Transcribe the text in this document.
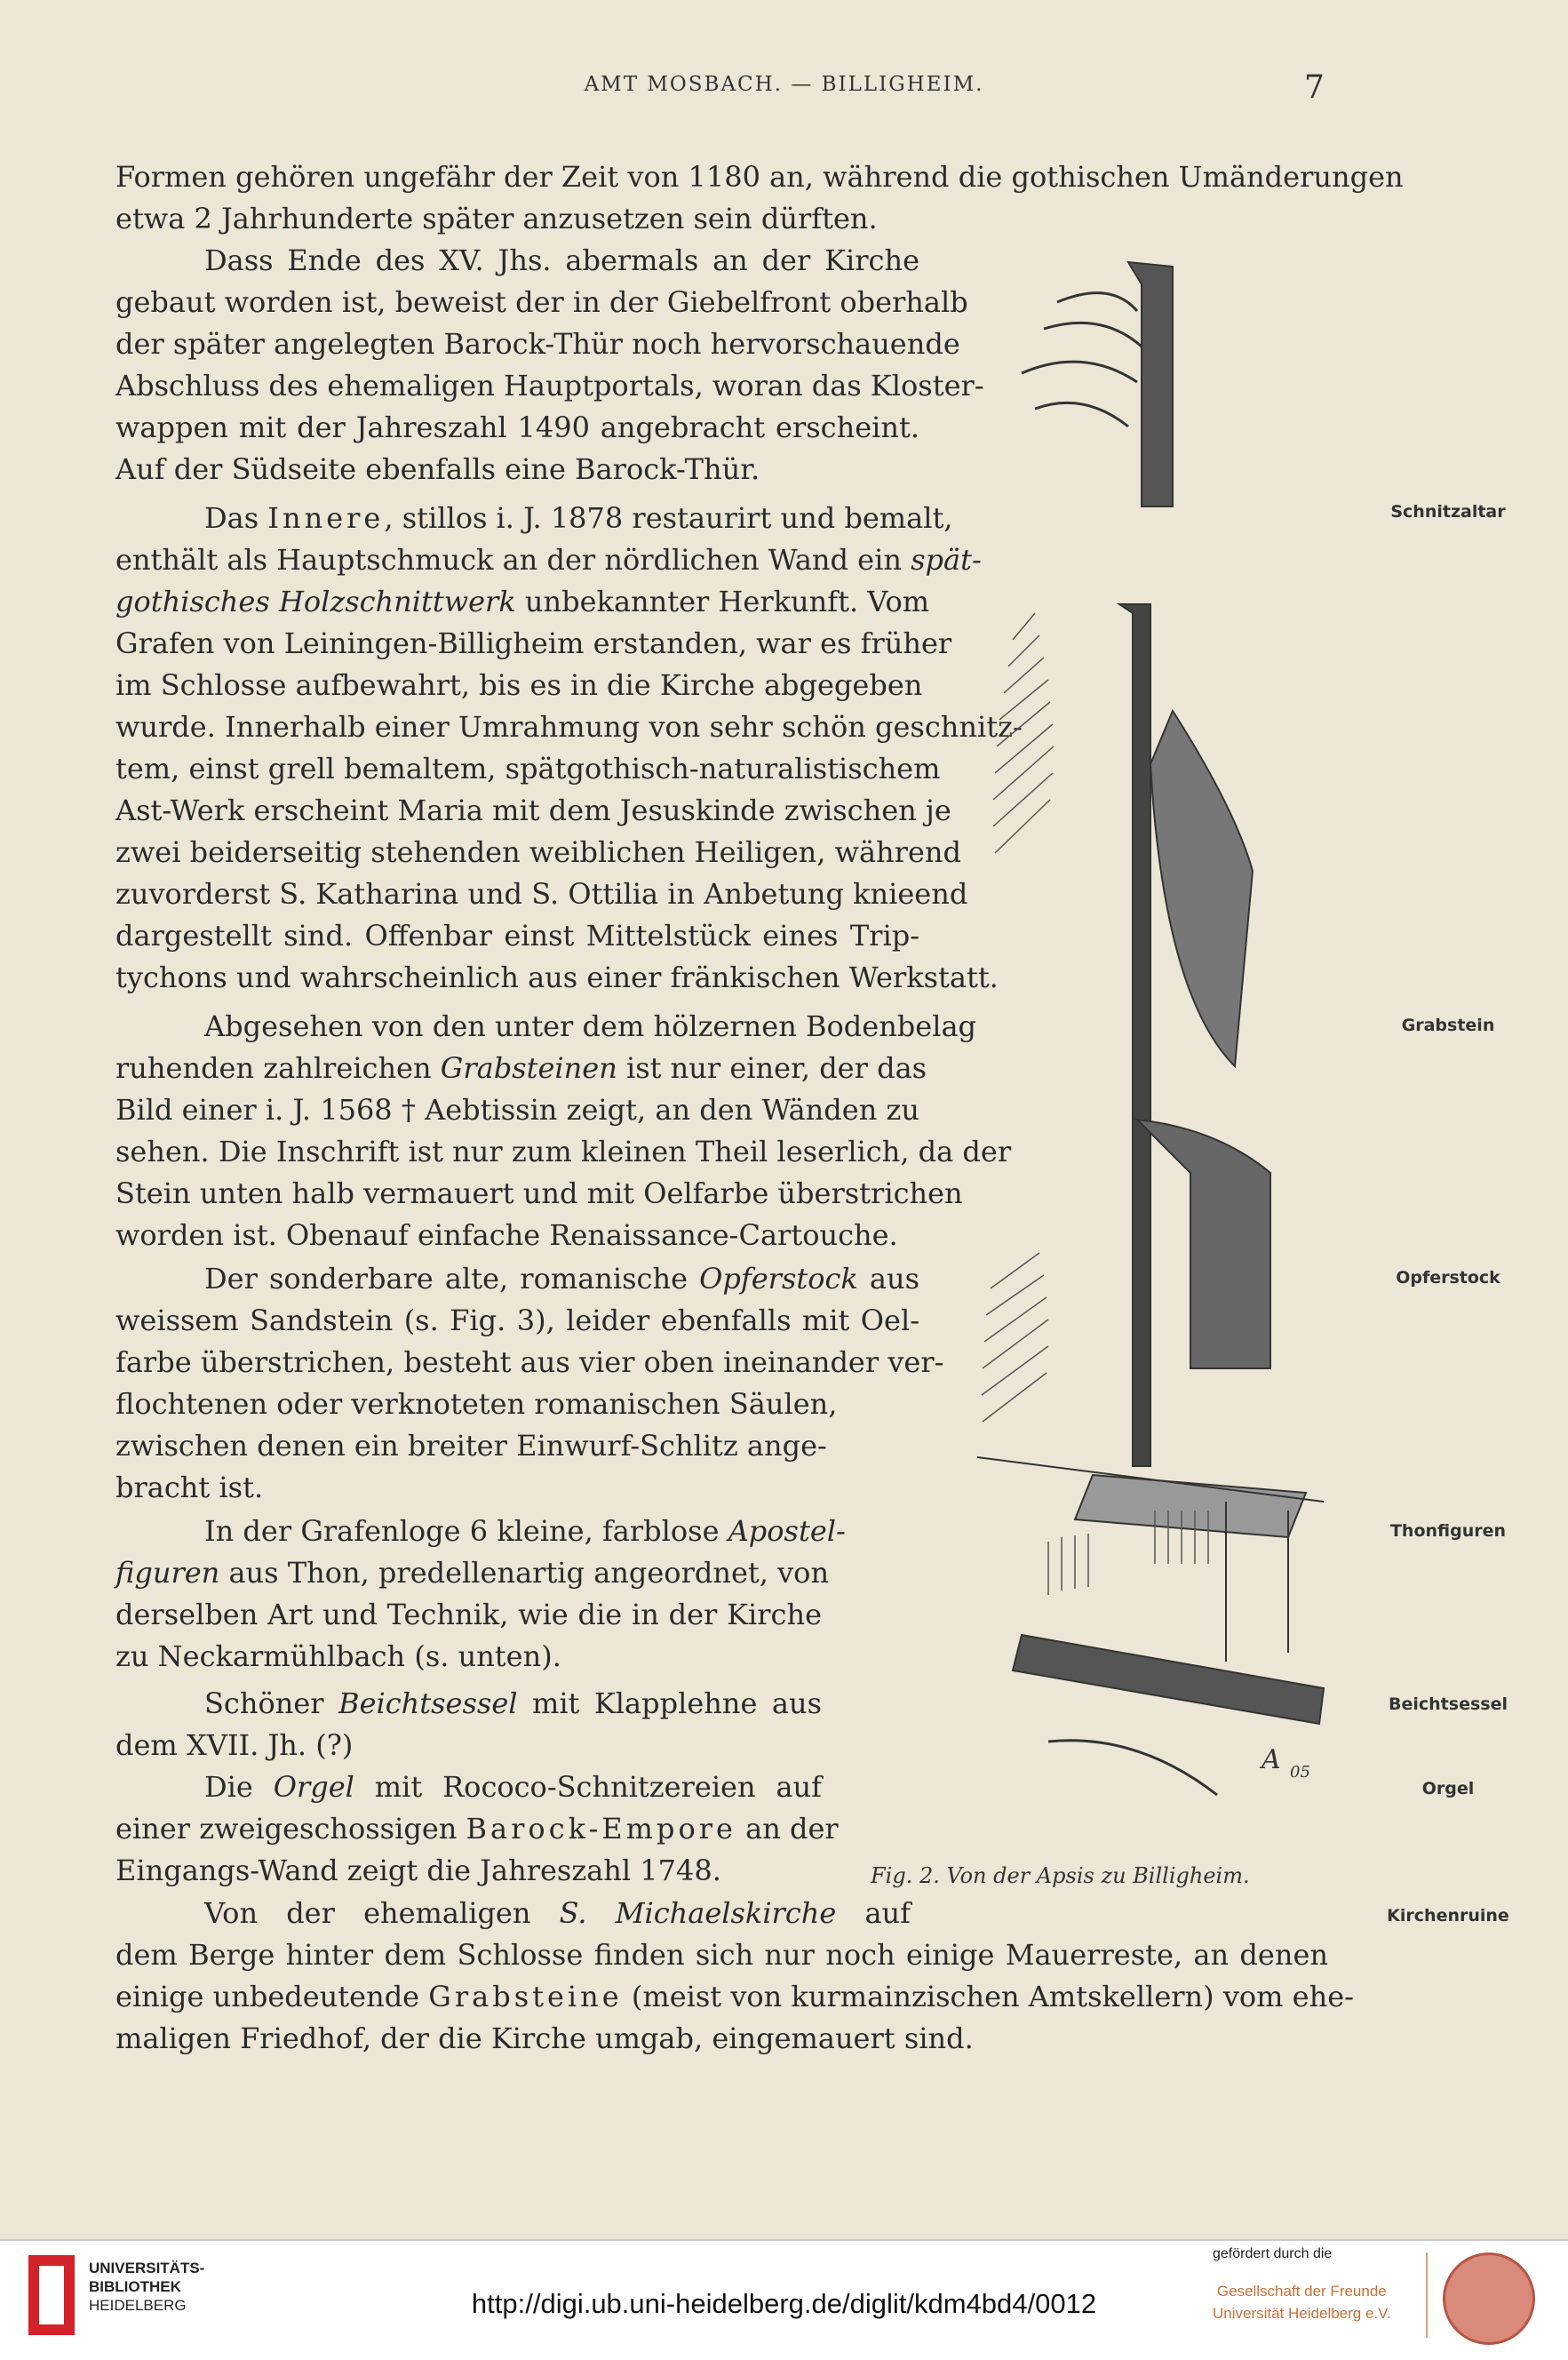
AMT MOSBACH. — BILLIGHEIM.	7
Formen gehören ungefähr der Zeit von 1180 an, während die gothischen Umänderungen
etwa 2 Jahrhunderte später anzusetzen sein dürften.
Dass Ende des XV. Jhs. abermals an der Kirche
gebaut worden ist, beweist der in der Giebelfront oberhalb
der später angelegten Barock-Thür noch hervorschauende
Abschluss des ehemaligen Hauptportals, woran das Kloster-
wappen mit der Jahreszahl 1490 angebracht erscheint.
Auf der Südseite ebenfalls eine Barock-Thür.
Das Innere, stillos i. J. 1878 restaurirt und bemalt,
enthält als Hauptschmuck an der nördlichen Wand ein spät-
gothisches Holzschnittwerk unbekannter Herkunft. Vom
Grafen von Leiningen-Billigheim erstanden, war es früher
im Schlosse aufbewahrt, bis es in die Kirche abgegeben
wurde. Innerhalb einer Umrahmung von sehr schön geschnitz-
tem, einst grell bemaltem, spätgothisch-naturalistischem
Ast-Werk erscheint Maria mit dem Jesuskinde zwischen je
zwei beiderseitig stehenden weiblichen Heiligen, während
zuvorderst S. Katharina und S. Ottilia in Anbetung knieend
dargestellt sind. Offenbar einst Mittelstück eines Trip-
tychons und wahrscheinlich aus einer fränkischen Werkstatt.
Abgesehen von den unter dem hölzernen Bodenbelag
ruhenden zahlreichen Grabsteinen ist nur einer, der das
Bild einer i. J. 1568 † Aebtissin zeigt, an den Wänden zu
sehen. Die Inschrift ist nur zum kleinen Theil leserlich, da der
Stein unten halb vermauert und mit Oelfarbe überstrichen
worden ist. Obenauf einfache Renaissance-Cartouche.
Der sonderbare alte, romanische Opferstock aus
weissem Sandstein (s. Fig. 3), leider ebenfalls mit Oel-
farbe überstrichen, besteht aus vier oben ineinander ver-
flochtenen oder verknoteten romanischen Säulen,
zwischen denen ein breiter Einwurf-Schlitz ange-
bracht ist.
In der Grafenloge 6 kleine, farblose Apostel-
figuren aus Thon, predellenartig angeordnet, von
derselben Art und Technik, wie die in der Kirche
zu Neckarmühlbach (s. unten).
Schöner Beichtsessel mit Klapplehne aus
dem XVII. Jh. (?)
Die Orgel mit Rococo-Schnitzereien auf
einer zweigeschossigen Barock-Empore an der
Eingangs-Wand zeigt die Jahreszahl 1748.
Von der ehemaligen S. Michaelskirche auf
dem Berge hinter dem Schlosse finden sich nur noch einige Mauerreste, an denen
einige unbedeutende Grabsteine (meist von kurmainzischen Amtskellern) vom ehe-
maligen Friedhof, der die Kirche umgab, eingemauert sind.
Schnitzaltar
Grabstein
Opferstock
Thonfiguren
Beichtsessel
Orgel
Kirchenruine
A 05
Fig. 2. Von der Apsis zu Billigheim.
UNIVERSITÄTS-
BIBLIOTHEK
HEIDELBERG	http://digi.ub.uni-heidelberg.de/diglit/kdm4bd4/0012
gefördert durch die
Gesellschaft der Freunde
Universität Heidelberg e.V.
